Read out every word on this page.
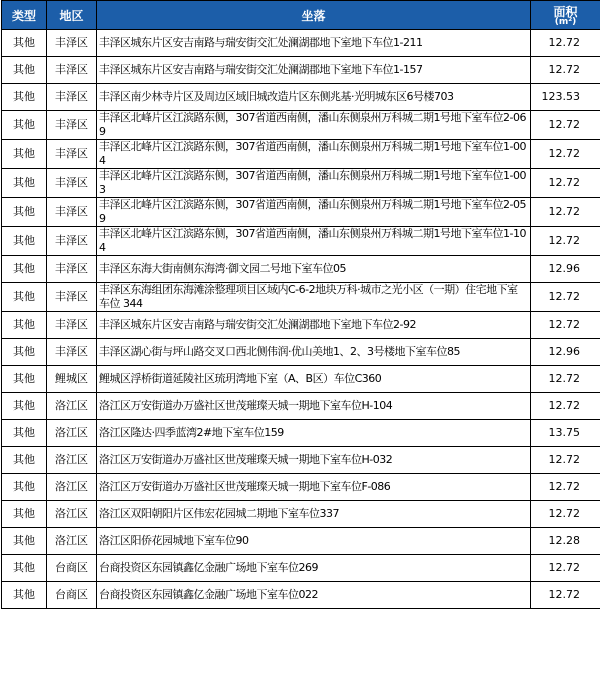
类型	地区	坐落	面积
(m²)

其他	丰泽区	丰泽区城东片区安吉南路与瑞安街交汇处澜湖郡地下室地下车位1-211	12.72
其他	丰泽区	丰泽区城东片区安吉南路与瑞安街交汇处澜湖郡地下室地下车位1-157	12.72
其他	丰泽区	丰泽区南少林寺片区及周边区域旧城改造片区东侧兆基·光明城东区6号楼703	123.53
其他	丰泽区	丰泽区北峰片区江滨路东侧，307省道西南侧，潘山东侧泉州万科城二期1号地下室车位2-069	12.72
其他	丰泽区	丰泽区北峰片区江滨路东侧，307省道西南侧，潘山东侧泉州万科城二期1号地下室车位1-004	12.72
其他	丰泽区	丰泽区北峰片区江滨路东侧，307省道西南侧，潘山东侧泉州万科城二期1号地下室车位1-003	12.72
其他	丰泽区	丰泽区北峰片区江滨路东侧，307省道西南侧，潘山东侧泉州万科城二期1号地下室车位2-059	12.72
其他	丰泽区	丰泽区北峰片区江滨路东侧，307省道西南侧，潘山东侧泉州万科城二期1号地下室车位1-104	12.72
其他	丰泽区	丰泽区东海大街南侧东海湾·御文园二号地下室车位05	12.96
其他	丰泽区	丰泽区东海组团东海滩涂整理项目区域内C-6-2地块万科·城市之光小区（一期）住宅地下室车位 344	12.72
其他	丰泽区	丰泽区城东片区安吉南路与瑞安街交汇处澜湖郡地下室地下车位2-92	12.72
其他	丰泽区	丰泽区湖心街与坪山路交叉口西北侧伟润·优山美地1、2、3号楼地下室车位85	12.96
其他	鲤城区	鲤城区浮桥街道延陵社区琉玥湾地下室（A、B区）车位C360	12.72
其他	洛江区	洛江区万安街道办万盛社区世茂璀璨天城一期地下室车位H-104	12.72
其他	洛江区	洛江区隆达·四季蓝湾2#地下室车位159	13.75
其他	洛江区	洛江区万安街道办万盛社区世茂璀璨天城一期地下室车位H-032	12.72
其他	洛江区	洛江区万安街道办万盛社区世茂璀璨天城一期地下室车位F-086	12.72
其他	洛江区	洛江区双阳朝阳片区伟宏花园城二期地下室车位337	12.72
其他	洛江区	洛江区阳侨花园城地下室车位90	12.28
其他	台商区	台商投资区东园镇鑫亿金融广场地下室车位269	12.72
其他	台商区	台商投资区东园镇鑫亿金融广场地下室车位022	12.72
